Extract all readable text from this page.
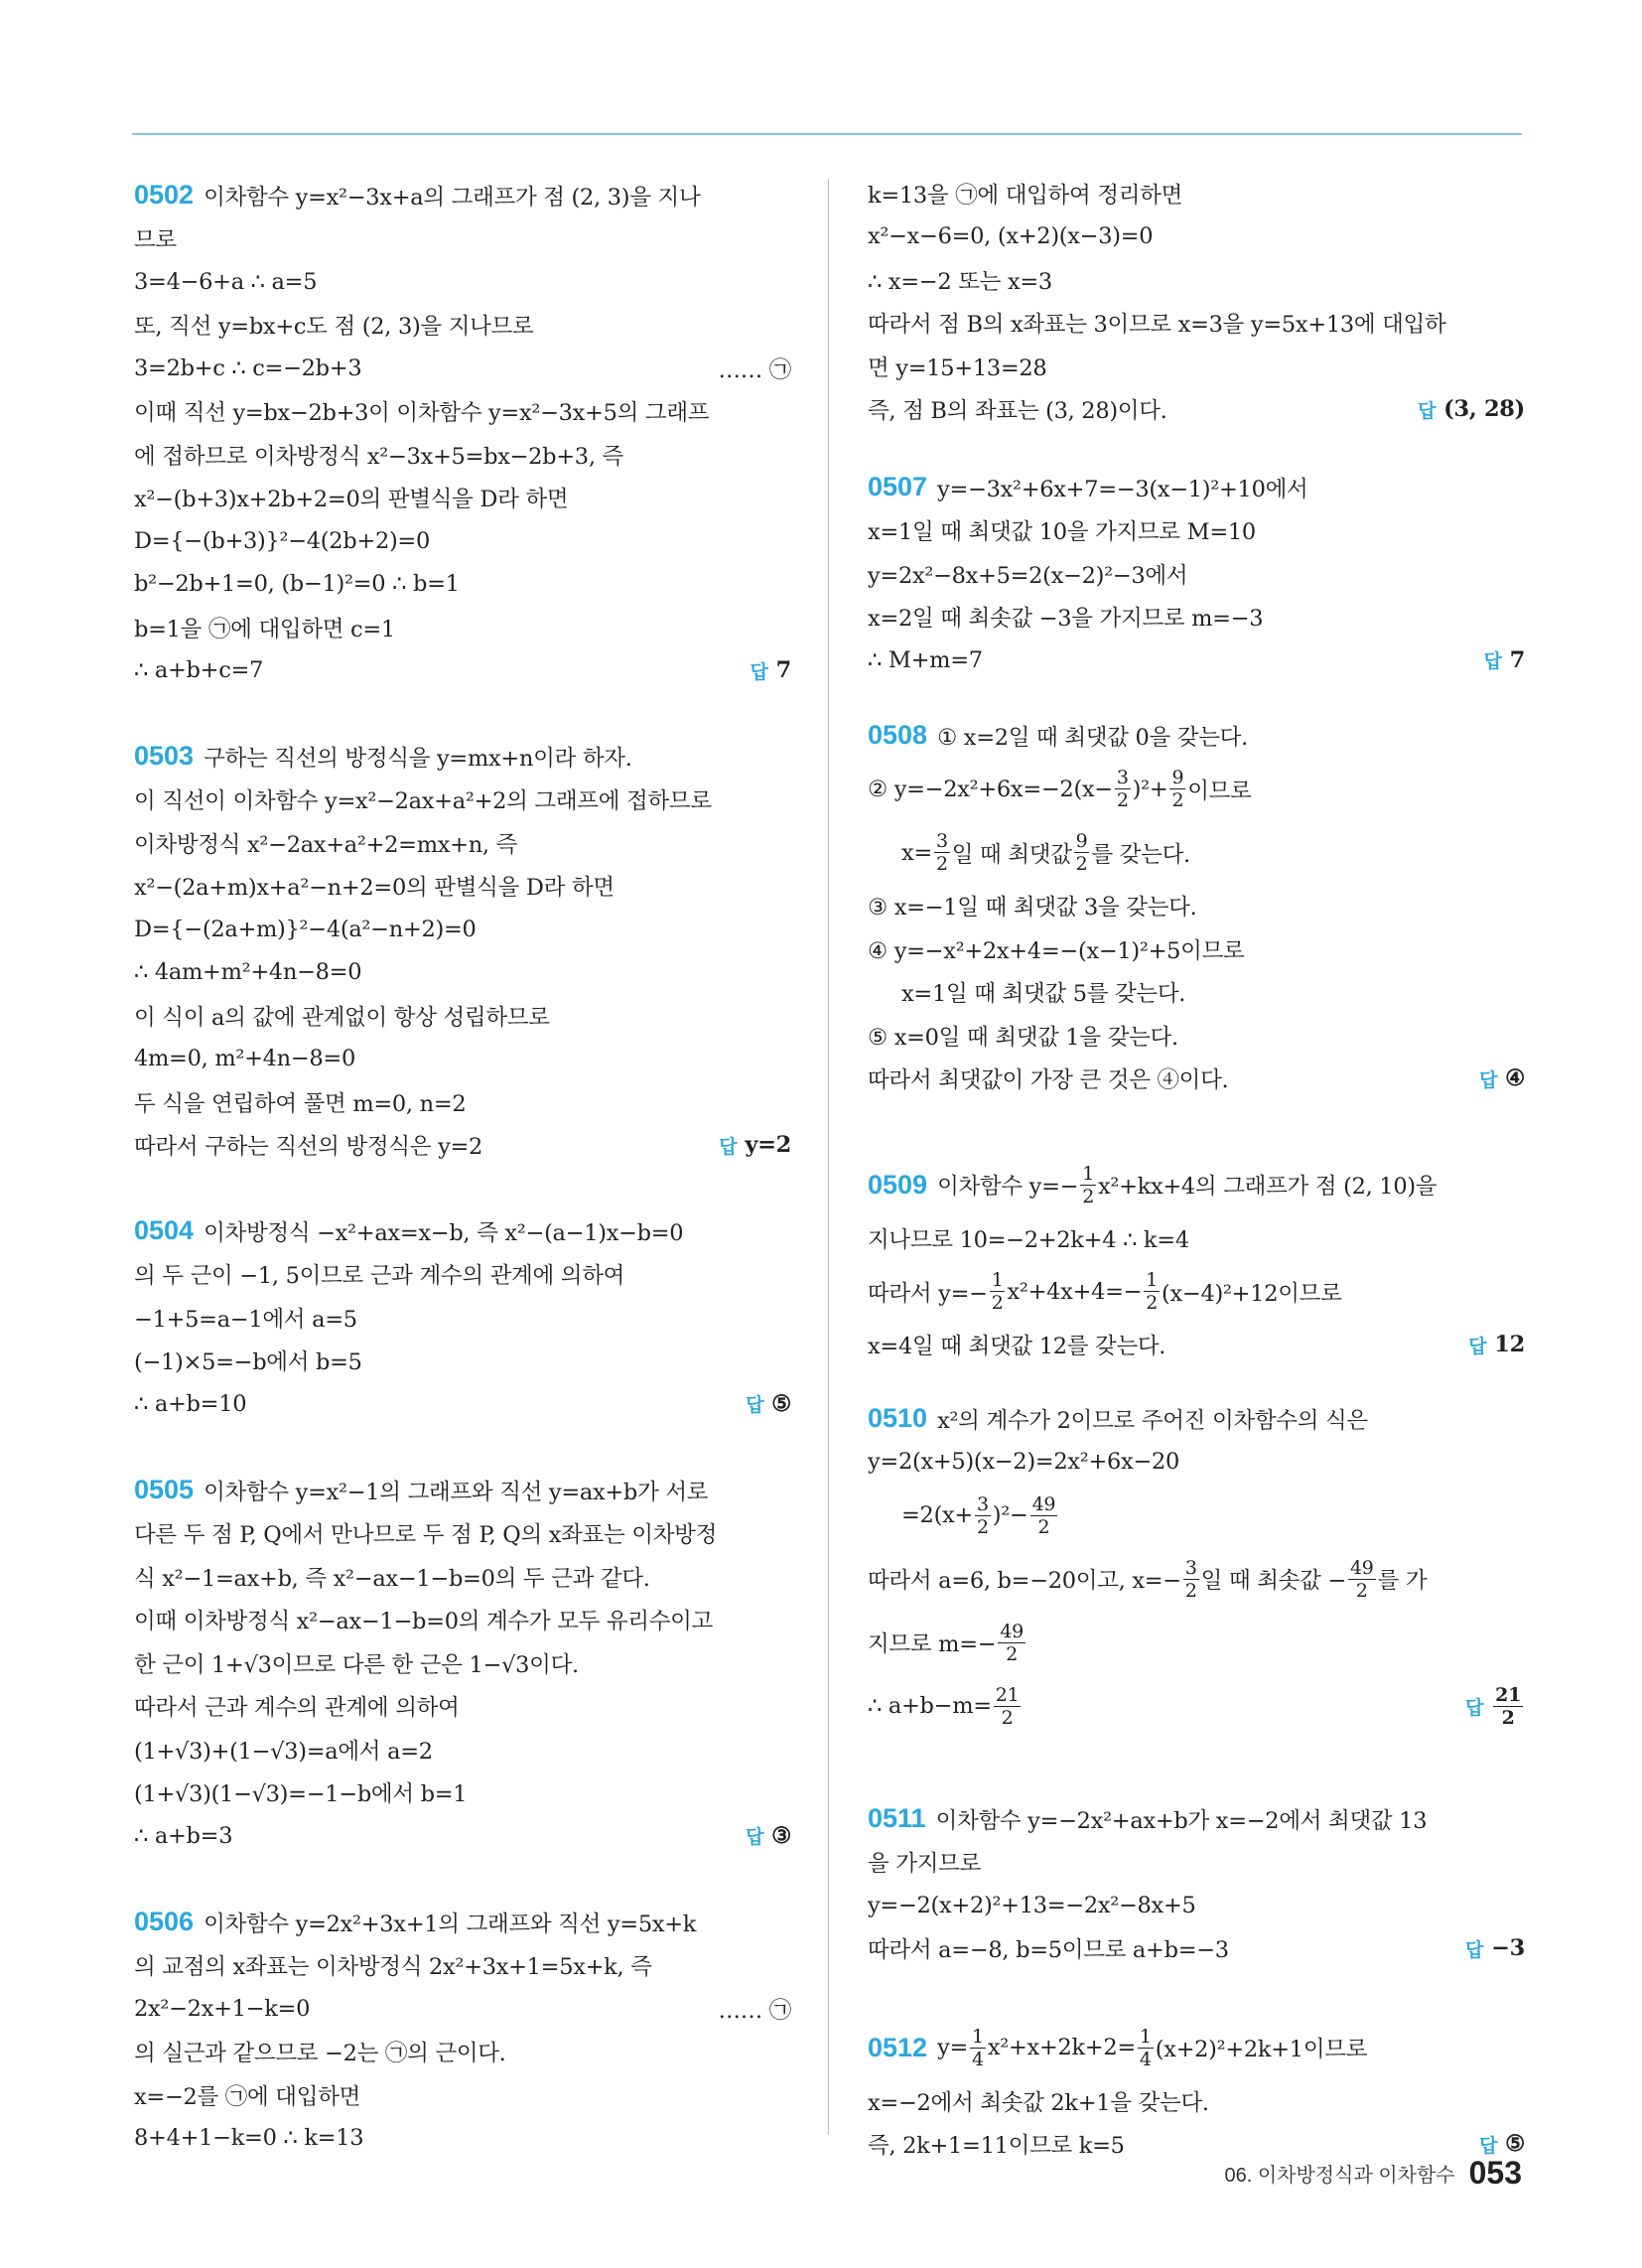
0502 이차함수 y=x²−3x+a의 그래프가 점 (2, 3)을 지나
므로
3=4−6+a ∴ a=5
또, 직선 y=bx+c도 점 (2, 3)을 지나므로
3=2b+c ∴ c=−2b+3	…… ㉠
이때 직선 y=bx−2b+3이 이차함수 y=x²−3x+5의 그래프
에 접하므로 이차방정식 x²−3x+5=bx−2b+3, 즉
x²−(b+3)x+2b+2=0의 판별식을 D라 하면
D={−(b+3)}²−4(2b+2)=0
b²−2b+1=0, (b−1)²=0 ∴ b=1
b=1을 ㉠에 대입하면 c=1
∴ a+b+c=7	답 7
0503 구하는 직선의 방정식을 y=mx+n이라 하자.
이 직선이 이차함수 y=x²−2ax+a²+2의 그래프에 접하므로
이차방정식 x²−2ax+a²+2=mx+n, 즉
x²−(2a+m)x+a²−n+2=0의 판별식을 D라 하면
D={−(2a+m)}²−4(a²−n+2)=0
∴ 4am+m²+4n−8=0
이 식이 a의 값에 관계없이 항상 성립하므로
4m=0, m²+4n−8=0
두 식을 연립하여 풀면 m=0, n=2
따라서 구하는 직선의 방정식은 y=2	답 y=2
0504 이차방정식 −x²+ax=x−b, 즉 x²−(a−1)x−b=0
의 두 근이 −1, 5이므로 근과 계수의 관계에 의하여
−1+5=a−1에서 a=5
(−1)×5=−b에서 b=5
∴ a+b=10	답 ⑤
0505 이차함수 y=x²−1의 그래프와 직선 y=ax+b가 서로
다른 두 점 P, Q에서 만나므로 두 점 P, Q의 x좌표는 이차방정
식 x²−1=ax+b, 즉 x²−ax−1−b=0의 두 근과 같다.
이때 이차방정식 x²−ax−1−b=0의 계수가 모두 유리수이고
한 근이 1+√3이므로 다른 한 근은 1−√3이다.
따라서 근과 계수의 관계에 의하여
(1+√3)+(1−√3)=a에서 a=2
(1+√3)(1−√3)=−1−b에서 b=1
∴ a+b=3	답 ③
0506 이차함수 y=2x²+3x+1의 그래프와 직선 y=5x+k
의 교점의 x좌표는 이차방정식 2x²+3x+1=5x+k, 즉
2x²−2x+1−k=0	…… ㉠
의 실근과 같으므로 −2는 ㉠의 근이다.
x=−2를 ㉠에 대입하면
8+4+1−k=0 ∴ k=13
k=13을 ㉠에 대입하여 정리하면
x²−x−6=0, (x+2)(x−3)=0
∴ x=−2 또는 x=3
따라서 점 B의 x좌표는 3이므로 x=3을 y=5x+13에 대입하
면 y=15+13=28
즉, 점 B의 좌표는 (3, 28)이다.	답 (3, 28)
0507 y=−3x²+6x+7=−3(x−1)²+10에서
x=1일 때 최댓값 10을 가지므로 M=10
y=2x²−8x+5=2(x−2)²−3에서
x=2일 때 최솟값 −3을 가지므로 m=−3
∴ M+m=7	답 7
0508 ① x=2일 때 최댓값 0을 갖는다.
② $y=-2x^2+6x=-2(x- \frac{3}{2} )^2+ \frac{9}{2}$ 이므로
$x= \frac{3}{2}$ 일 때 최댓값 $\frac{9}{2}$ 를 갖는다.
③ x=−1일 때 최댓값 3을 갖는다.
④ y=−x²+2x+4=−(x−1)²+5이므로
x=1일 때 최댓값 5를 갖는다.
⑤ x=0일 때 최댓값 1을 갖는다.
따라서 최댓값이 가장 큰 것은 ④이다.	답 ④
0509 이차함수 $y=- \frac{1}{2} x^2+kx+4$의 그래프가 점 (2, 10)을
지나므로 10=−2+2k+4 ∴ k=4
따라서 $y=- \frac{1}{2} x^2+4x+4=- \frac{1}{2} (x-4)^2+12$이므로
x=4일 때 최댓값 12를 갖는다.	답 12
0510 x²의 계수가 2이므로 주어진 이차함수의 식은
y=2(x+5)(x−2)=2x²+6x−20
$=2(x+ \frac{3}{2} )^2- \frac{49}{2}$
따라서 a=6, b=−20이고, $x=- \frac{3}{2}$ 일 때 최솟값 − $\frac{49}{2}$ 를 가
지므로 $m=- \frac{49}{2}$
∴ $a+b-m= \frac{21}{2}$	답 $\frac{21}{2}$
0511 이차함수 y=−2x²+ax+b가 x=−2에서 최댓값 13
을 가지므로
y=−2(x+2)²+13=−2x²−8x+5
따라서 a=−8, b=5이므로 a+b=−3	답 −3
0512 $y= \frac{1}{4} x^2+x+2k+2= \frac{1}{4} (x+2)^2+2k+1$이므로
x=−2에서 최솟값 2k+1을 갖는다.
즉, 2k+1=11이므로 k=5	답 ⑤
06. 이차방정식과 이차함수 053
